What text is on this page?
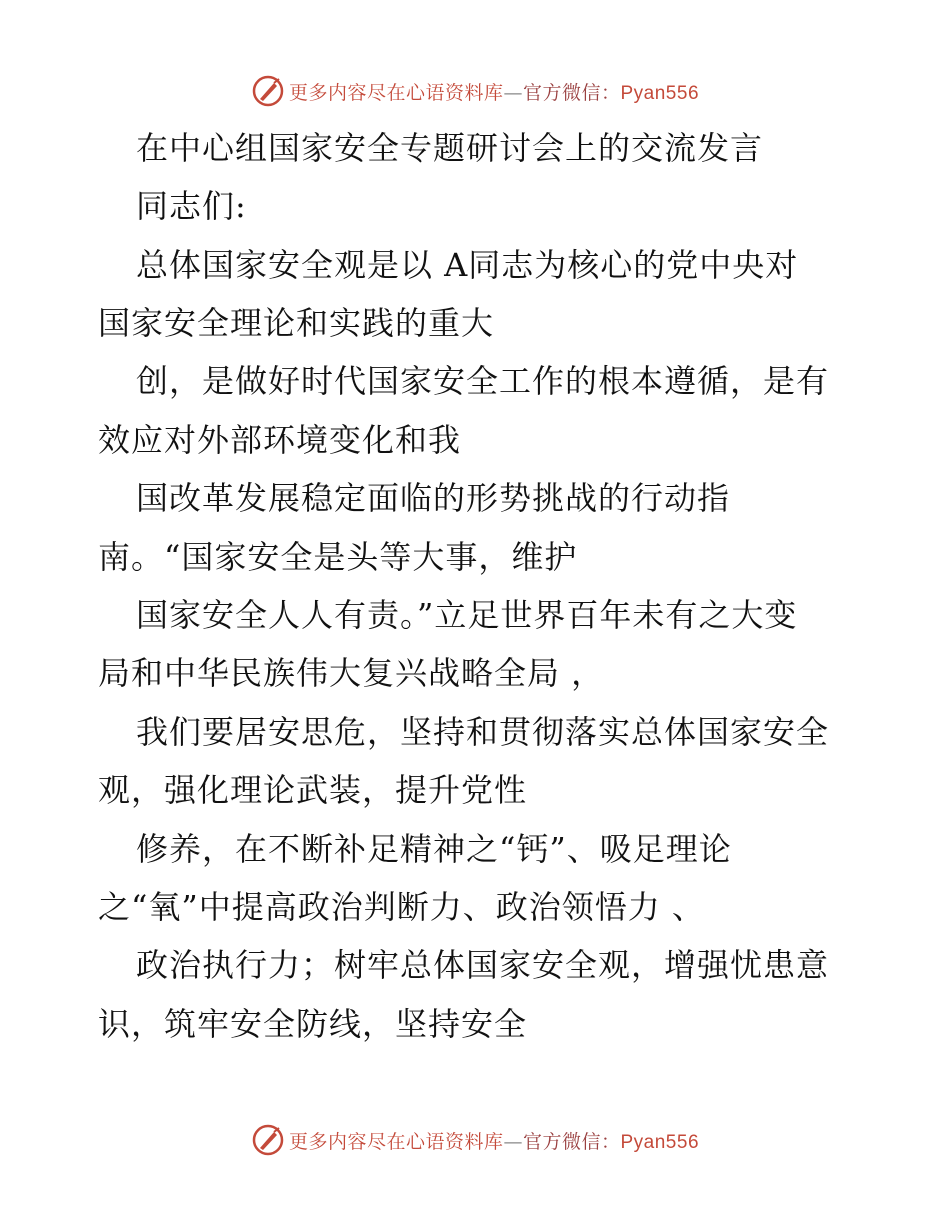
更多内容尽在心语资料库—官方微信：Pyan556
在中心组国家安全专题研讨会上的交流发言
同志们:
总体国家安全观是以 A同志为核心的党中央对
国家安全理论和实践的重大
创，是做好时代国家安全工作的根本遵循，是有
效应对外部环境变化和我
国改革发展稳定面临的形势挑战的行动指
南。“国家安全是头等大事，维护
国家安全人人有责。”立足世界百年未有之大变
局和中华民族伟大复兴战略全局 ，
我们要居安思危，坚持和贯彻落实总体国家安全
观，强化理论武装，提升党性
修养，在不断补足精神之“钙”、吸足理论
之“氧”中提高政治判断力、政治领悟力 、
政治执行力；树牢总体国家安全观，增强忧患意
识，筑牢安全防线，坚持安全
更多内容尽在心语资料库—官方微信：Pyan556
